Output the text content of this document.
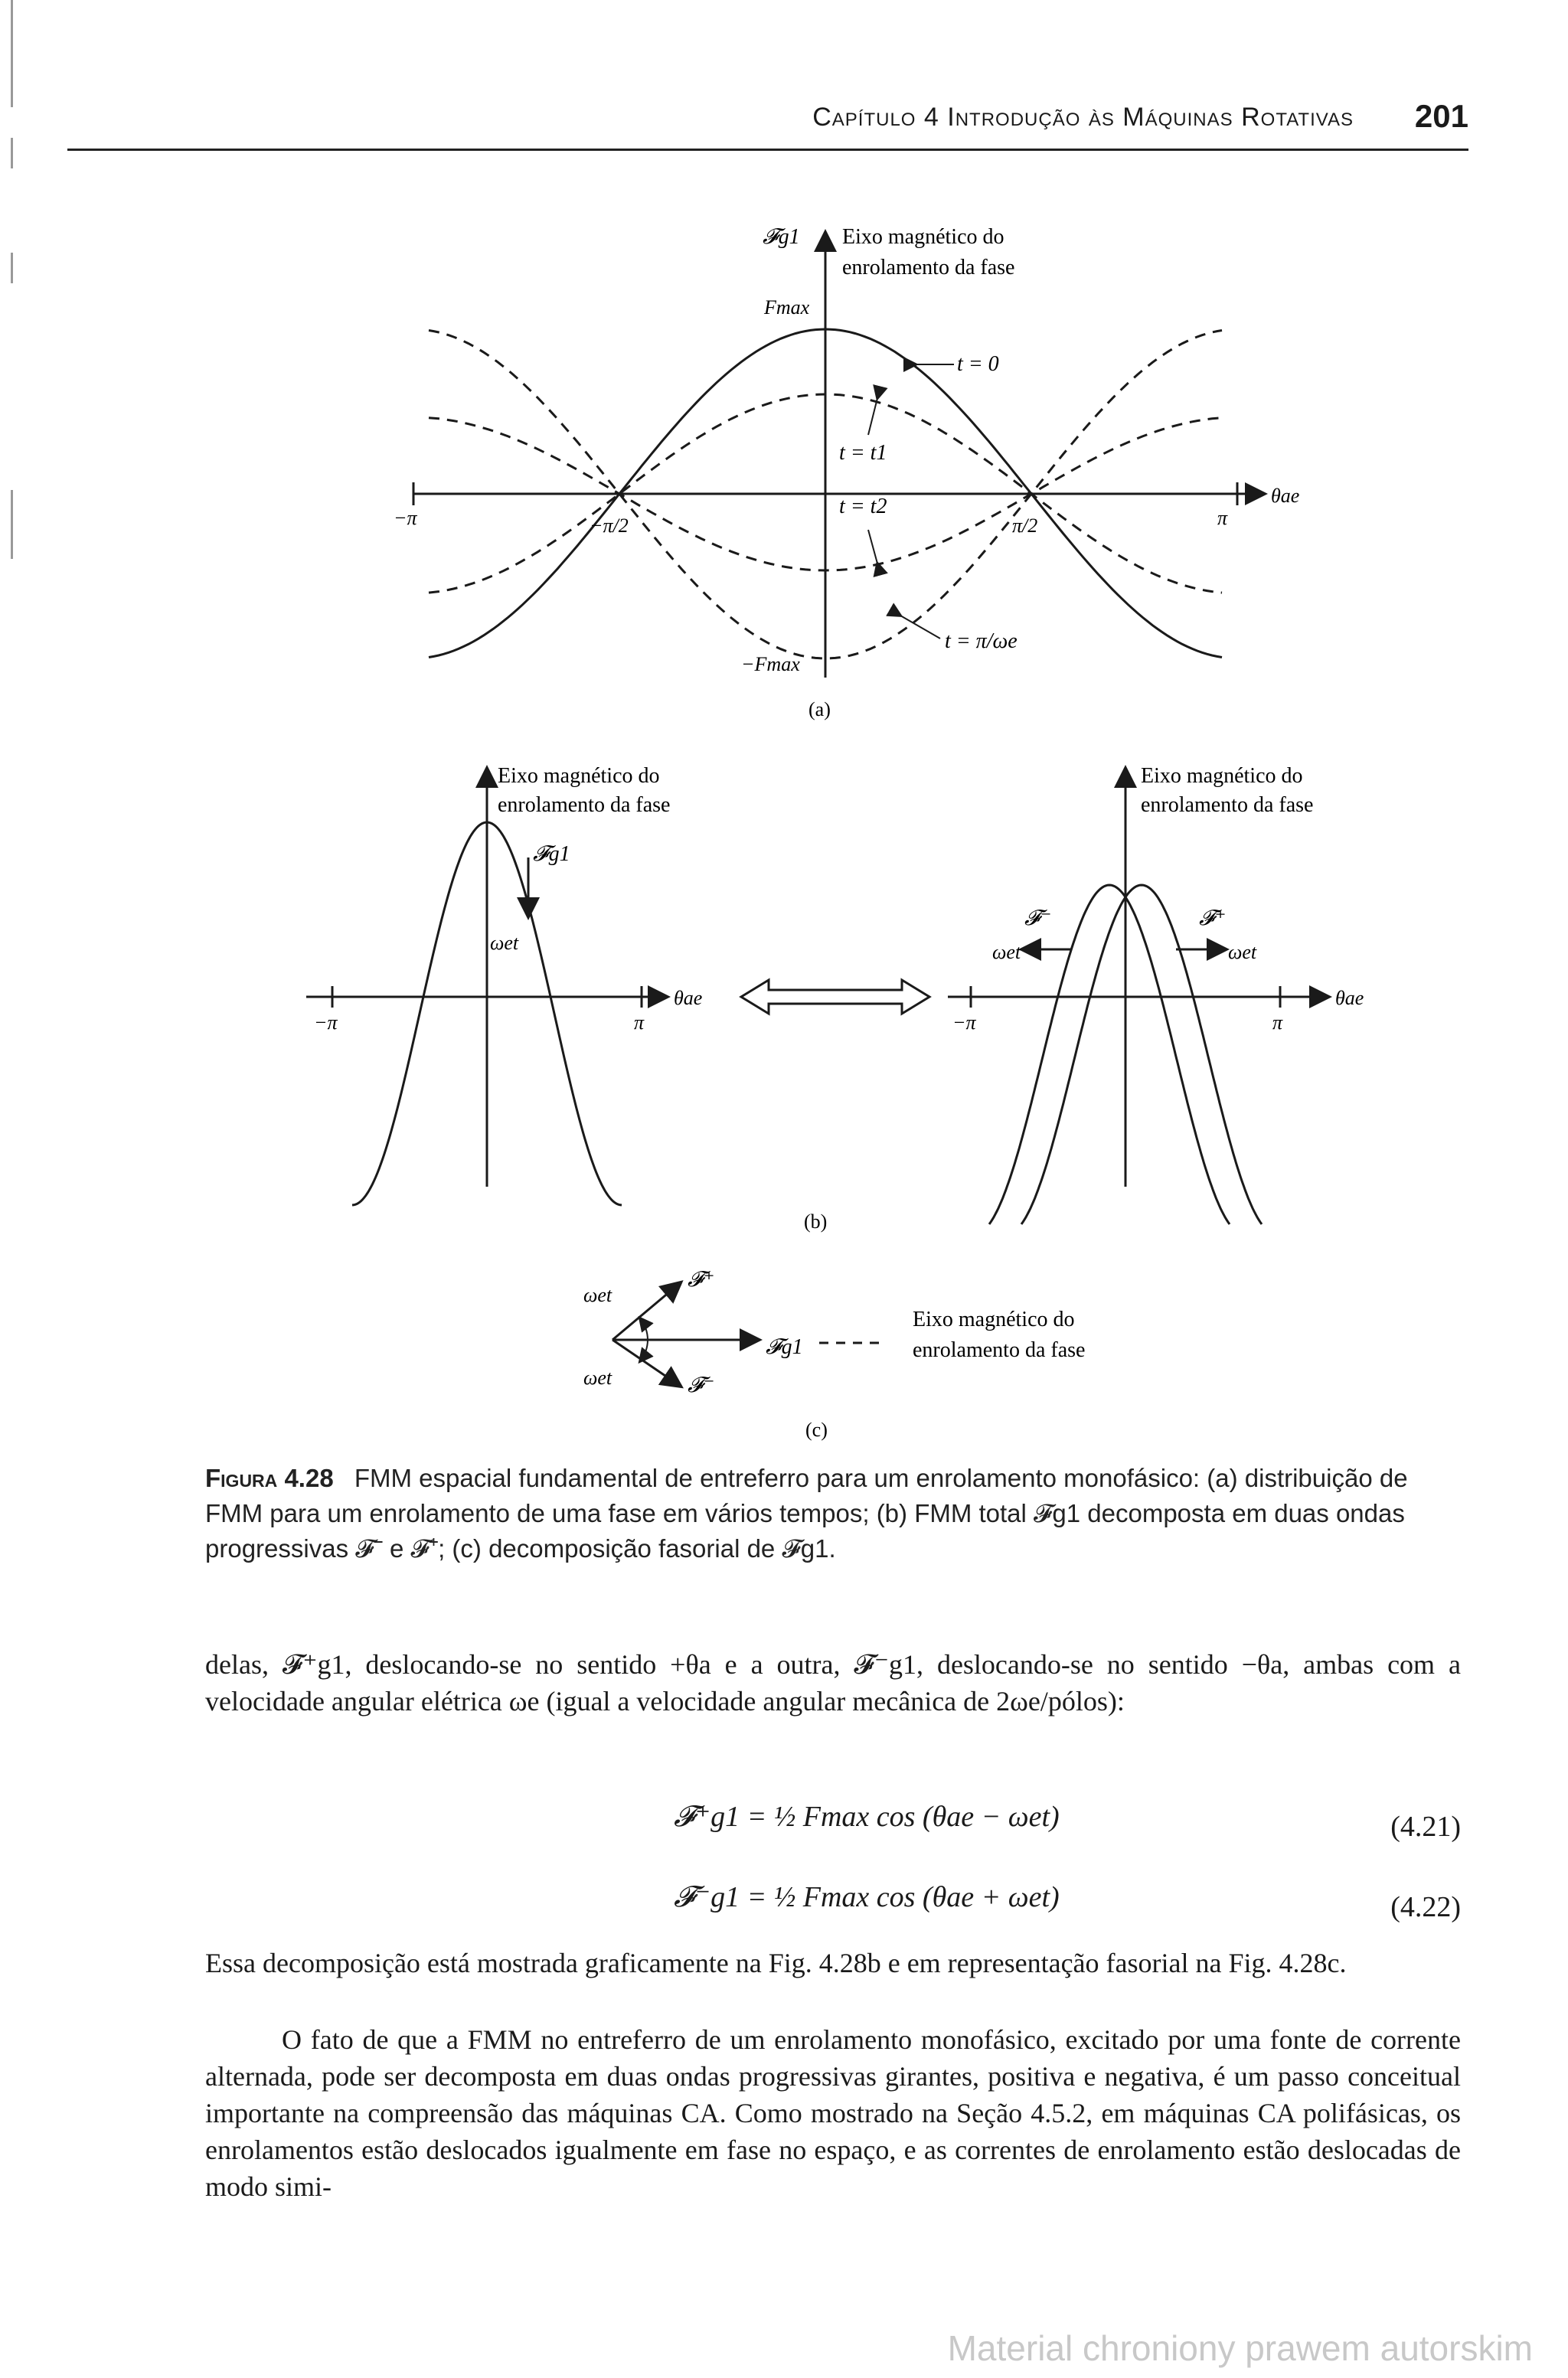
Capítulo 4 Introdução às Máquinas Rotativas 201
𝓕g1 Eixo magnético do
enrolamento da fase
Fmax
−Fmax
θae
−π	−π/2	π/2	π
t = 0
t = t1
t = t2
t = π/ωe
(a)
Eixo magnético do
enrolamento da fase
𝓕g1
ωet
θae
−π	π
Eixo magnético do
enrolamento da fase
𝓕⁻	𝓕⁺
ωet	ωet
θae
−π	π
(b)
𝓕⁺
𝓕⁻
𝓕g1
ωet
ωet
Eixo magnético do
enrolamento da fase
(c)
Figura 4.28 FMM espacial fundamental de entreferro para um enrolamento monofásico: (a) distribuição de FMM para um enrolamento de uma fase em vários tempos; (b) FMM total 𝓕g1 decomposta em duas ondas progressivas 𝓕⁻ e 𝓕⁺; (c) decomposição fasorial de 𝓕g1.
delas, 𝓕⁺g1, deslocando-se no sentido +θa e a outra, 𝓕⁻g1, deslocando-se no sentido −θa, ambas com a velocidade angular elétrica ωe (igual a velocidade angular mecânica de 2ωe/pólos):
𝓕⁺g1 = ½ Fmax cos (θae − ωet)	(4.21)
𝓕⁻g1 = ½ Fmax cos (θae + ωet)	(4.22)
Essa decomposição está mostrada graficamente na Fig. 4.28b e em representação fasorial na Fig. 4.28c.
O fato de que a FMM no entreferro de um enrolamento monofásico, excitado por uma fonte de corrente alternada, pode ser decomposta em duas ondas progressivas girantes, positiva e negativa, é um passo conceitual importante na compreensão das máquinas CA. Como mostrado na Seção 4.5.2, em máquinas CA polifásicas, os enrolamentos estão deslocados igualmente em fase no espaço, e as correntes de enrolamento estão deslocadas de modo simi-
Material chroniony prawem autorskim
